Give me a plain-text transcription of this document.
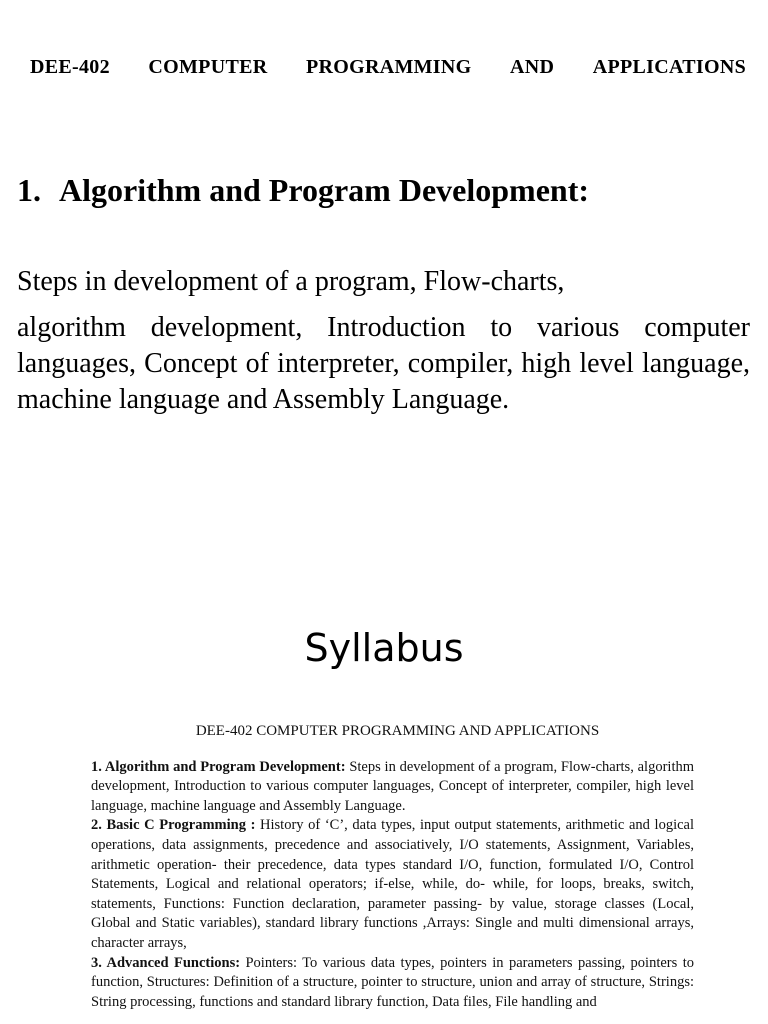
DEE-402 COMPUTER PROGRAMMING AND APPLICATIONS
1. Algorithm and Program Development:
Steps in development of a program, Flow-charts,
algorithm development, Introduction to various computer languages, Concept of interpreter, compiler, high level language, machine language and Assembly Language.
Syllabus
DEE-402 COMPUTER PROGRAMMING AND APPLICATIONS
1. Algorithm and Program Development: Steps in development of a program, Flow-charts, algorithm development, Introduction to various computer languages, Concept of interpreter, compiler, high level language, machine language and Assembly Language.
2. Basic C Programming : History of ‘C’, data types, input output statements, arithmetic and logical operations, data assignments, precedence and associatively, I/O statements, Assignment, Variables, arithmetic operation- their precedence, data types standard I/O, function, formulated I/O, Control Statements, Logical and relational operators; if-else, while, do- while, for loops, breaks, switch, statements, Functions: Function declaration, parameter passing- by value, storage classes (Local, Global and Static variables), standard library functions ,Arrays: Single and multi dimensional arrays, character arrays,
3. Advanced Functions: Pointers: To various data types, pointers in parameters passing, pointers to function, Structures: Definition of a structure, pointer to structure, union and array of structure, Strings: String processing, functions and standard library function, Data files, File handling and
